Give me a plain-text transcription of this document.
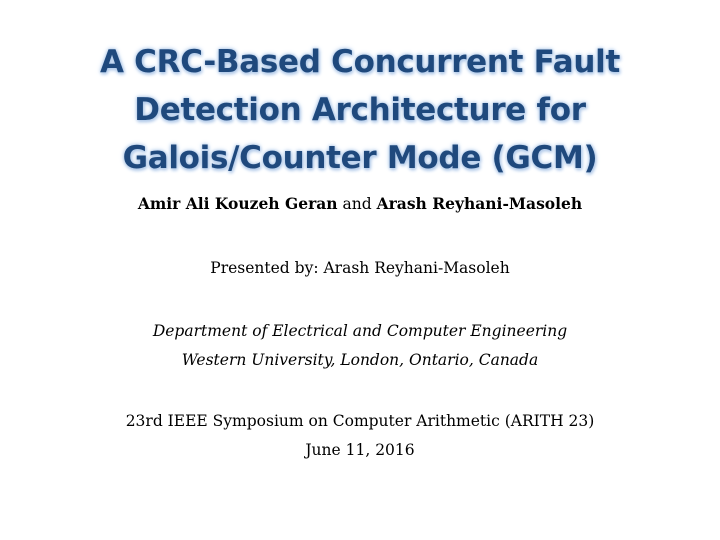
A CRC-Based Concurrent Fault
Detection Architecture for
Galois/Counter Mode (GCM)
Amir Ali Kouzeh Geran and Arash Reyhani-Masoleh
Presented by: Arash Reyhani-Masoleh
Department of Electrical and Computer Engineering
Western University, London, Ontario, Canada
23rd IEEE Symposium on Computer Arithmetic (ARITH 23)
June 11, 2016
